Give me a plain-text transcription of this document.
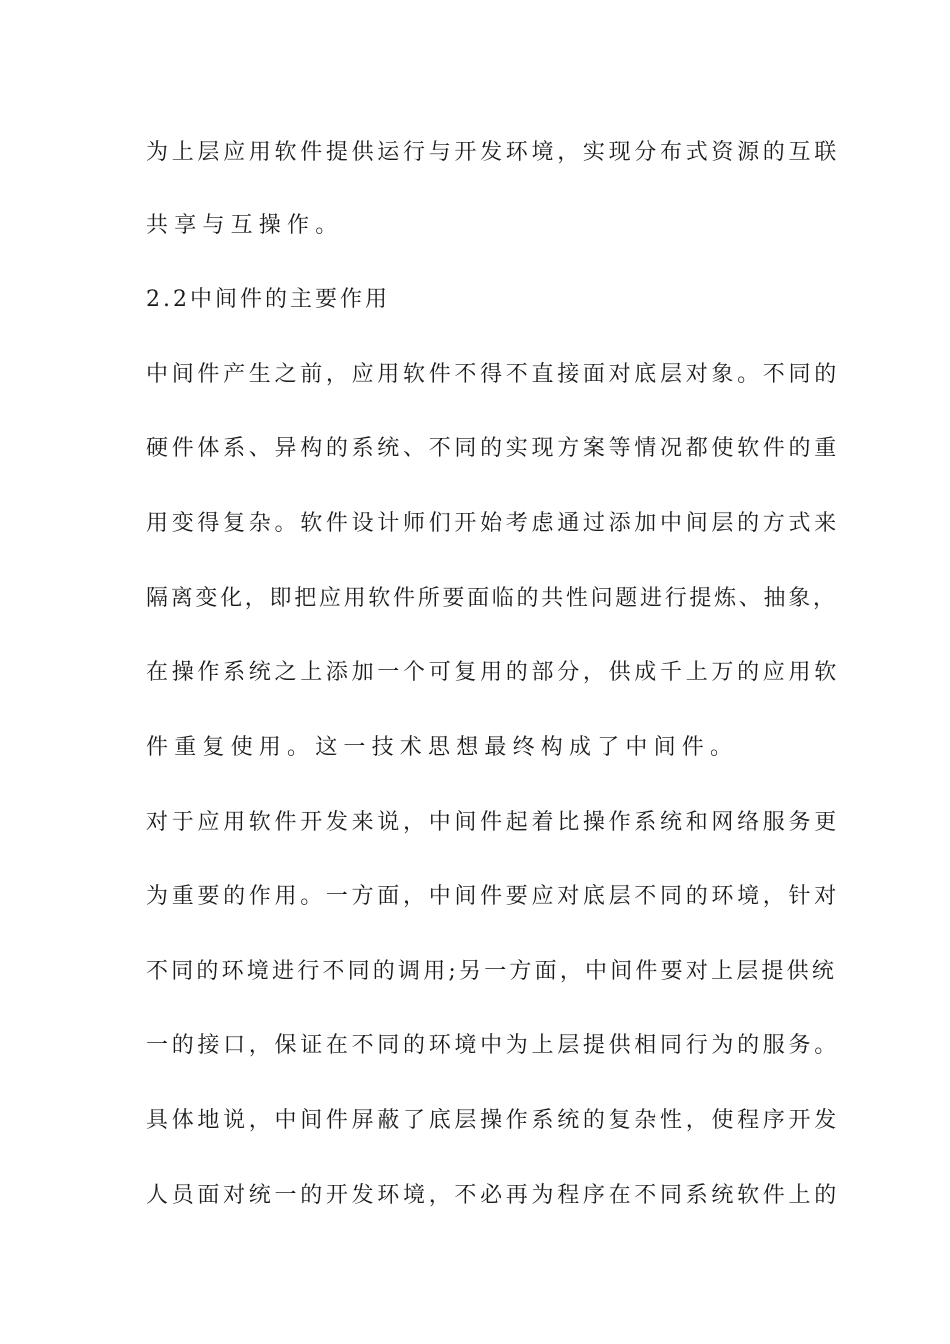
为上层应用软件提供运行与开发环境，实现分布式资源的互联
共享与互操作。
2.2中间件的主要作用
中间件产生之前，应用软件不得不直接面对底层对象。不同的
硬件体系、异构的系统、不同的实现方案等情况都使软件的重
用变得复杂。软件设计师们开始考虑通过添加中间层的方式来
隔离变化，即把应用软件所要面临的共性问题进行提炼、抽象，
在操作系统之上添加一个可复用的部分，供成千上万的应用软
件重复使用。这一技术思想最终构成了中间件。
对于应用软件开发来说，中间件起着比操作系统和网络服务更
为重要的作用。一方面，中间件要应对底层不同的环境，针对
不同的环境进行不同的调用;另一方面，中间件要对上层提供统
一的接口，保证在不同的环境中为上层提供相同行为的服务。
具体地说，中间件屏蔽了底层操作系统的复杂性，使程序开发
人员面对统一的开发环境，不必再为程序在不同系统软件上的
